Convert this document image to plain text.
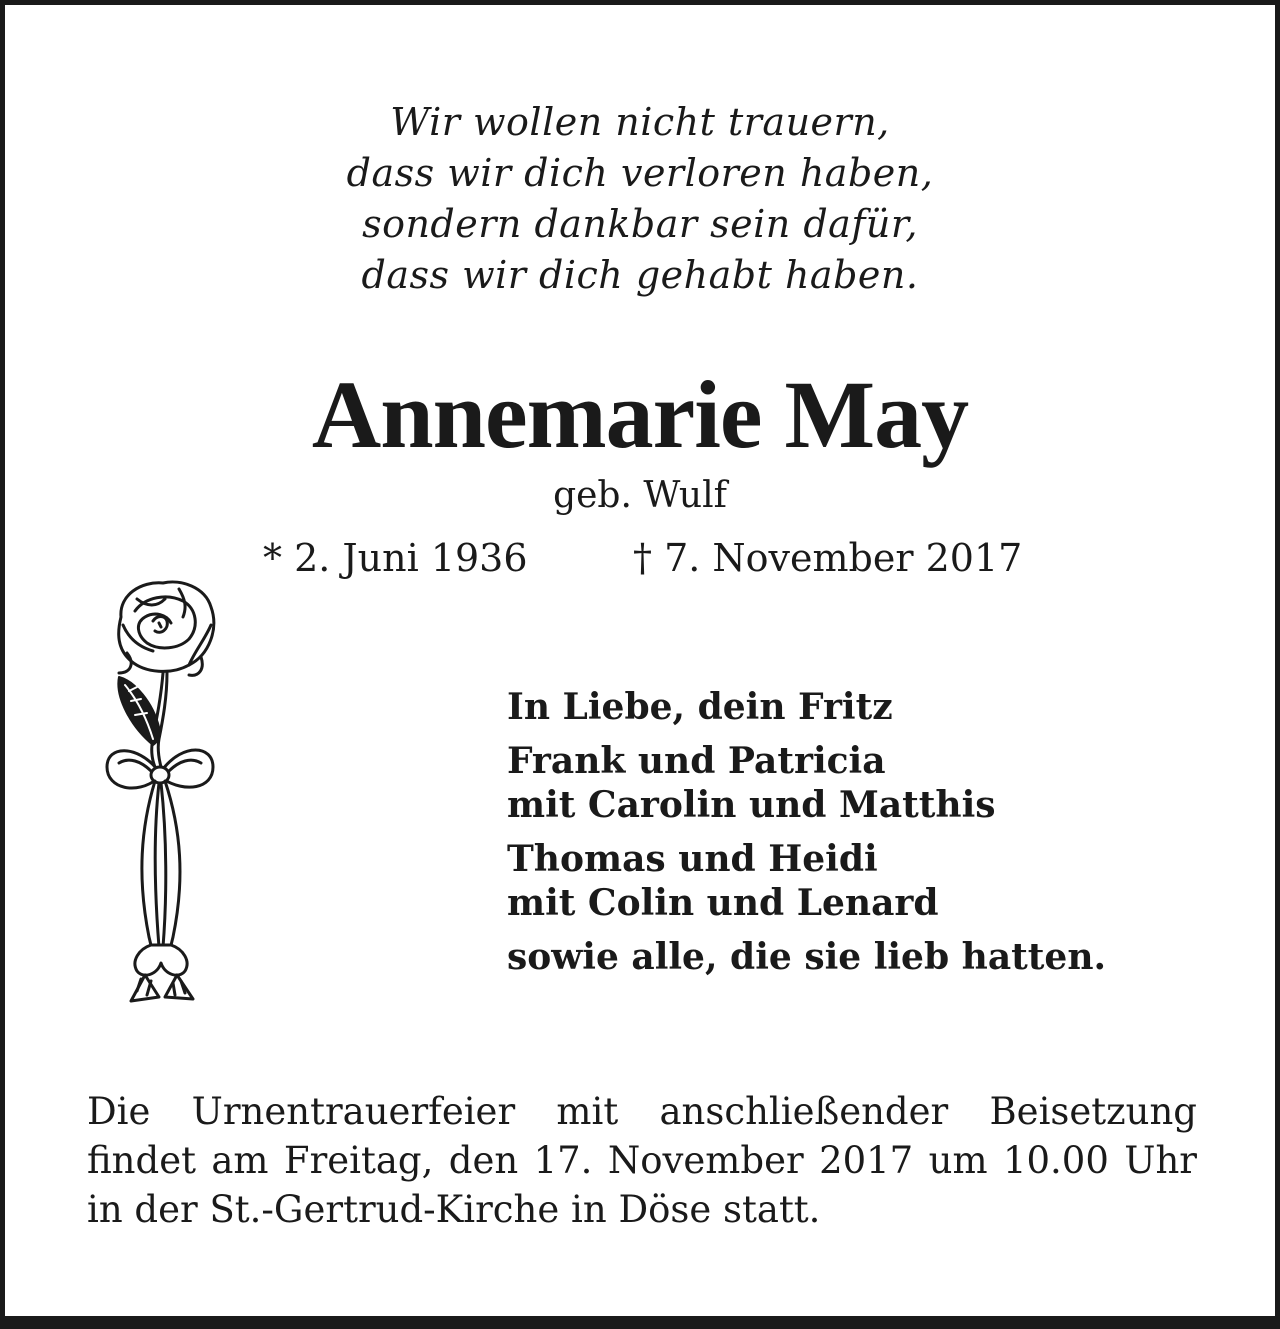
Wir wollen nicht trauern,
dass wir dich verloren haben,
sondern dankbar sein dafür,
dass wir dich gehabt haben.
Annemarie May
geb. Wulf
* 2. Juni 1936	† 7. November 2017
In Liebe, dein Fritz
Frank und Patricia
mit Carolin und Matthis
Thomas und Heidi
mit Colin und Lenard
sowie alle, die sie lieb hatten.
Die Urnentrauerfeier mit anschließender Beisetzung
findet am Freitag, den 17. November 2017 um 10.00 Uhr
in der St.-Gertrud-Kirche in Döse statt.
